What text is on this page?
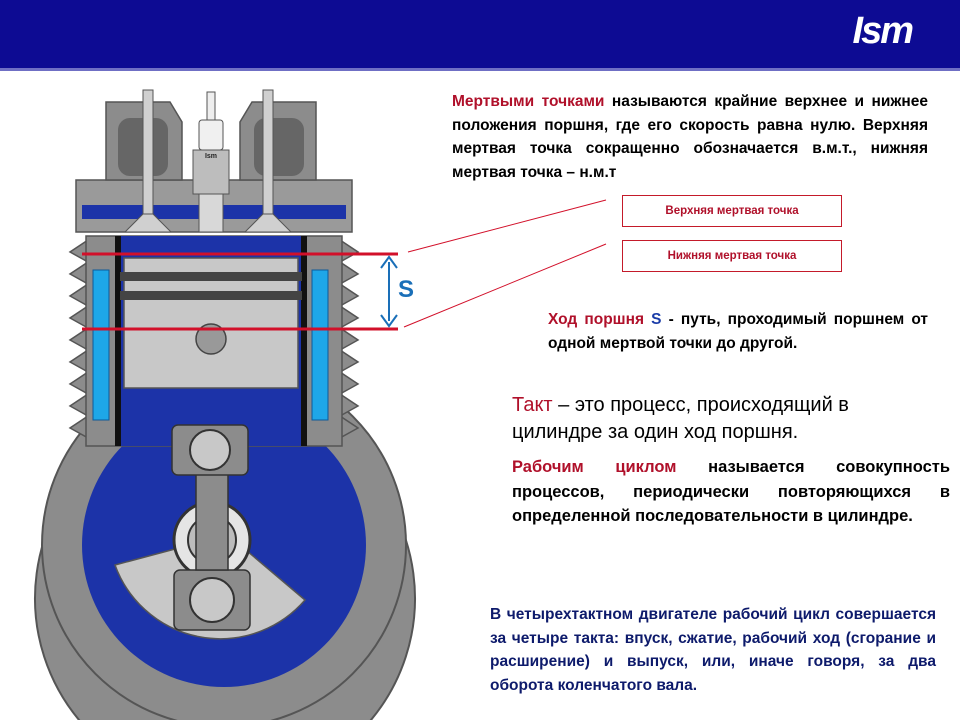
Ism
Ism
S
Верхняя мертвая точка
Нижняя мертвая точка
Мертвыми точками называются крайние верхнее и нижнее положения поршня, где его скорость равна нулю. Верхняя мертвая точка сокращенно обозначается в.м.т., нижняя мертвая точка – н.м.т
Ход поршня S - путь, проходимый поршнем от одной мертвой точки до другой.
Такт – это процесс, происходящий в цилиндре за один ход поршня.
Рабочим циклом называется совокупность процессов, периодически повторяющихся в определенной последовательности в цилиндре.
В четырехтактном двигателе рабочий цикл совершается за четыре такта: впуск, сжатие, рабочий ход (сгорание и расширение) и выпуск, или, иначе говоря, за два оборота коленчатого вала.
